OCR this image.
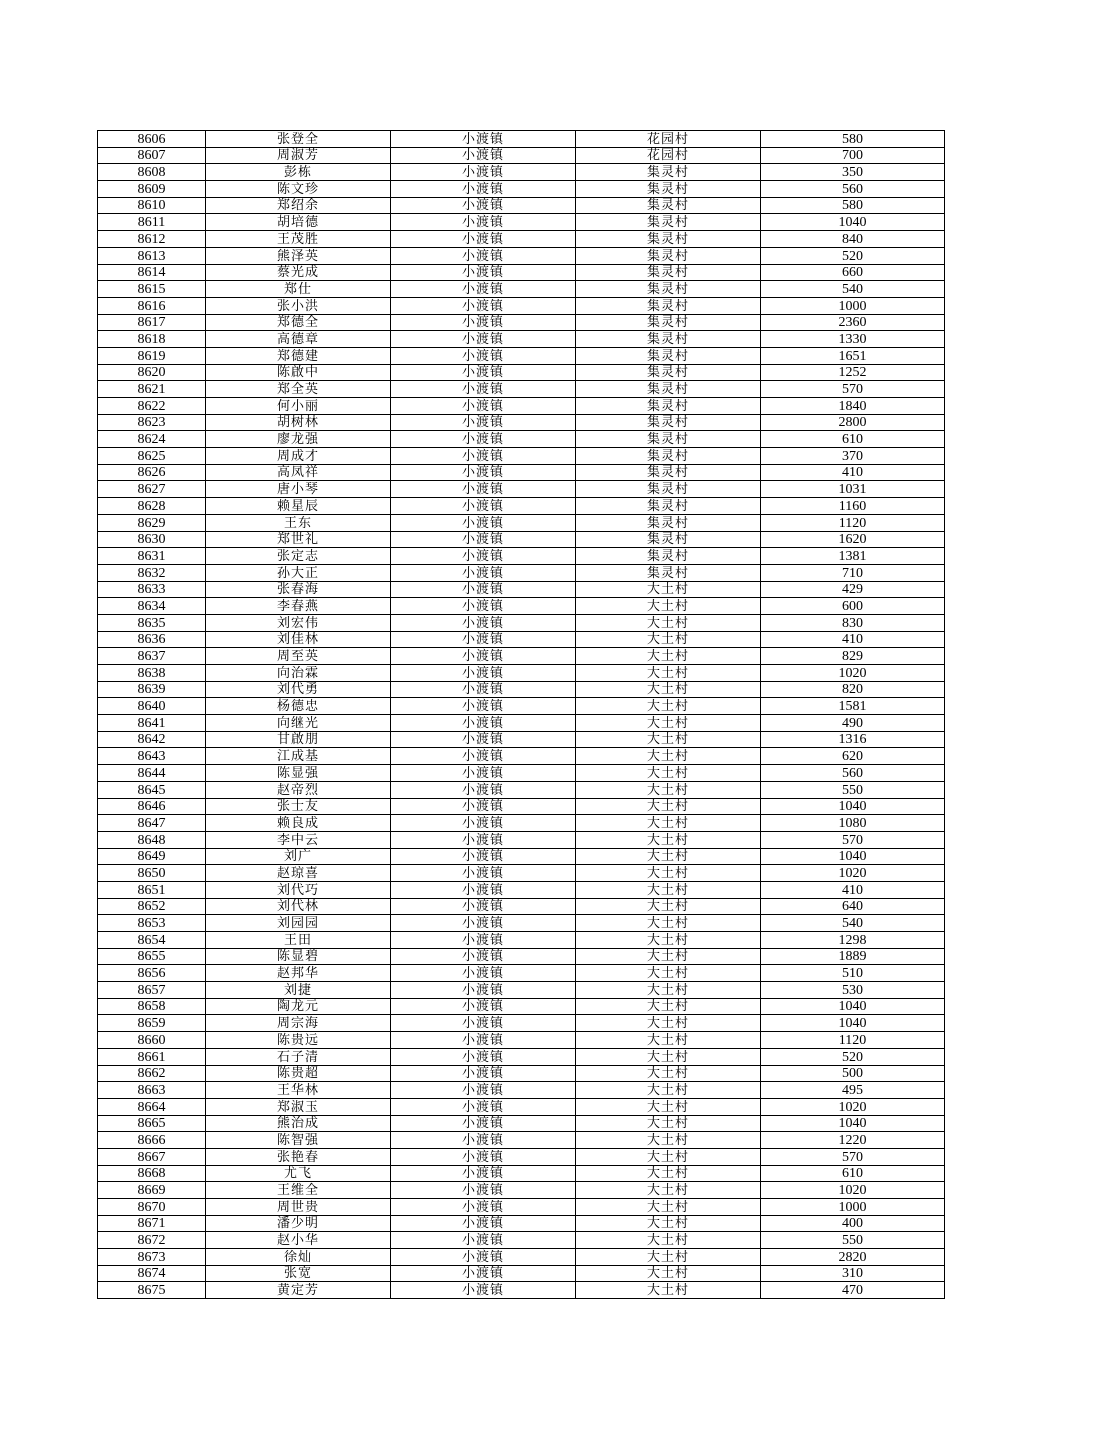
8606	张登全	小渡镇	花园村	580
8607	周淑芳	小渡镇	花园村	700
8608	彭栋	小渡镇	集灵村	350
8609	陈文珍	小渡镇	集灵村	560
8610	郑绍余	小渡镇	集灵村	580
8611	胡培德	小渡镇	集灵村	1040
8612	王茂胜	小渡镇	集灵村	840
8613	熊泽英	小渡镇	集灵村	520
8614	蔡光成	小渡镇	集灵村	660
8615	郑仕	小渡镇	集灵村	540
8616	张小洪	小渡镇	集灵村	1000
8617	郑德全	小渡镇	集灵村	2360
8618	高德章	小渡镇	集灵村	1330
8619	郑德建	小渡镇	集灵村	1651
8620	陈啟中	小渡镇	集灵村	1252
8621	郑全英	小渡镇	集灵村	570
8622	何小丽	小渡镇	集灵村	1840
8623	胡树林	小渡镇	集灵村	2800
8624	廖龙强	小渡镇	集灵村	610
8625	周成才	小渡镇	集灵村	370
8626	高凤祥	小渡镇	集灵村	410
8627	唐小琴	小渡镇	集灵村	1031
8628	赖星辰	小渡镇	集灵村	1160
8629	王东	小渡镇	集灵村	1120
8630	郑世礼	小渡镇	集灵村	1620
8631	张定志	小渡镇	集灵村	1381
8632	孙大正	小渡镇	集灵村	710
8633	张春海	小渡镇	大土村	429
8634	李春燕	小渡镇	大土村	600
8635	刘宏伟	小渡镇	大土村	830
8636	刘佳林	小渡镇	大土村	410
8637	周至英	小渡镇	大土村	829
8638	向治霖	小渡镇	大土村	1020
8639	刘代勇	小渡镇	大土村	820
8640	杨德忠	小渡镇	大土村	1581
8641	向继光	小渡镇	大土村	490
8642	甘啟朋	小渡镇	大土村	1316
8643	江成基	小渡镇	大土村	620
8644	陈显强	小渡镇	大土村	560
8645	赵帝烈	小渡镇	大土村	550
8646	张士友	小渡镇	大土村	1040
8647	赖良成	小渡镇	大土村	1080
8648	李中云	小渡镇	大土村	570
8649	刘广	小渡镇	大土村	1040
8650	赵琼喜	小渡镇	大土村	1020
8651	刘代巧	小渡镇	大土村	410
8652	刘代林	小渡镇	大土村	640
8653	刘园园	小渡镇	大土村	540
8654	王田	小渡镇	大土村	1298
8655	陈显碧	小渡镇	大土村	1889
8656	赵邦华	小渡镇	大土村	510
8657	刘捷	小渡镇	大土村	530
8658	陶龙元	小渡镇	大土村	1040
8659	周宗海	小渡镇	大土村	1040
8660	陈贵远	小渡镇	大土村	1120
8661	石子清	小渡镇	大土村	520
8662	陈贵超	小渡镇	大土村	500
8663	王华林	小渡镇	大土村	495
8664	郑淑玉	小渡镇	大土村	1020
8665	熊治成	小渡镇	大土村	1040
8666	陈智强	小渡镇	大土村	1220
8667	张艳春	小渡镇	大土村	570
8668	尤飞	小渡镇	大土村	610
8669	王维全	小渡镇	大土村	1020
8670	周世贵	小渡镇	大土村	1000
8671	潘少明	小渡镇	大土村	400
8672	赵小华	小渡镇	大土村	550
8673	徐灿	小渡镇	大土村	2820
8674	张宽	小渡镇	大土村	310
8675	黄定芳	小渡镇	大土村	470
